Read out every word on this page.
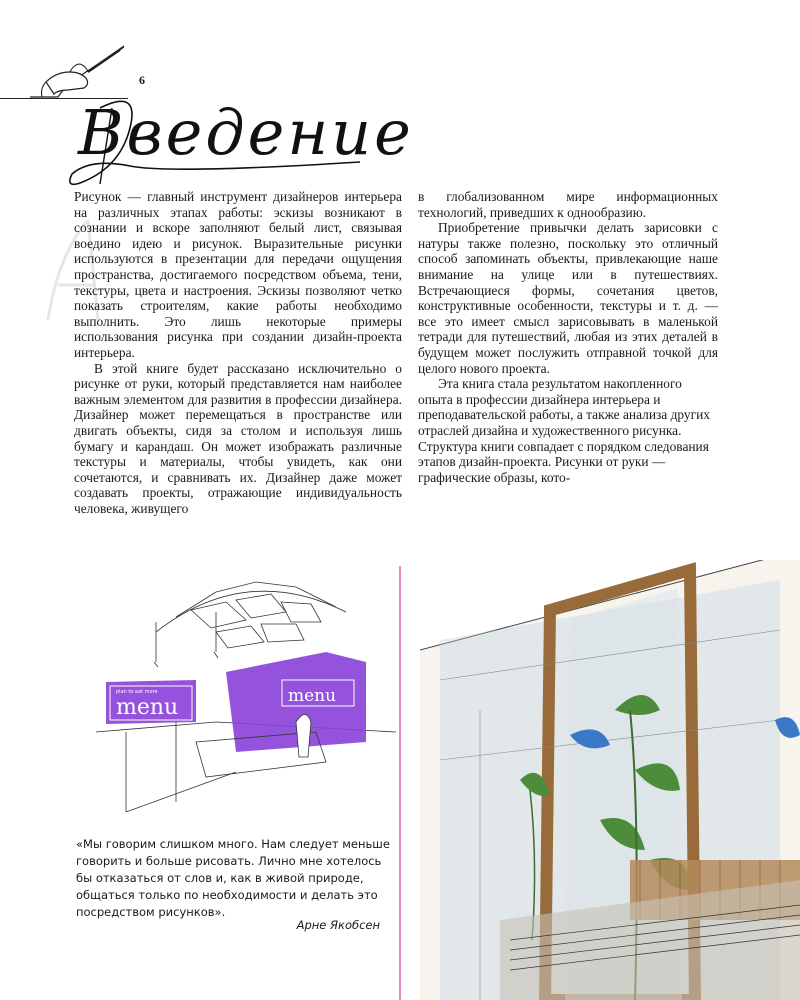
6
Введение

Рисунок — главный инструмент дизайнеров интерьера на различных этапах работы: эскизы возникают в сознании и вскоре заполняют белый лист, связывая воедино идею и рисунок. Выразительные рисунки используются в презентации для передачи ощущения пространства, достигаемого посредством объема, тени, текстуры, цвета и настроения. Эскизы позволяют четко показать строителям, какие работы необходимо выполнить. Это лишь некоторые примеры использования рисунка при создании дизайн-проекта интерьера.

В этой книге будет рассказано исключительно о рисунке от руки, который представляется нам наиболее важным элементом для развития в профессии дизайнера. Дизайнер может перемещаться в пространстве или двигать объекты, сидя за столом и используя лишь бумагу и карандаш. Он может изображать различные текстуры и материалы, чтобы увидеть, как они сочетаются, и сравнивать их. Дизайнер даже может создавать проекты, отражающие индивидуальность человека, живущего

в глобализованном мире информационных технологий, приведших к однообразию.

Приобретение привычки делать зарисовки с натуры также полезно, поскольку это отличный способ запоминать объекты, привлекающие наше внимание на улице или в путешествиях. Встречающиеся формы, сочетания цветов, конструктивные особенности, текстуры и т. д. — все это имеет смысл зарисовывать в маленькой тетради для путешествий, любая из этих деталей в будущем может послужить отправной точкой для целого нового проекта.

Эта книга стала результатом накопленного опыта в профессии дизайнера интерьера и преподавательской работы, а также анализа других отраслей дизайна и художественного рисунка. Структура книги совпадает с порядком следования этапов дизайн-проекта. Рисунки от руки — графические образы, кото-

menu	menu
plan to eat more
«Мы говорим слишком много. Нам следует меньше говорить и больше рисовать. Лично мне хотелось бы отказаться от слов и, как в живой природе, общаться только по необходимости и делать это посредством рисунков».
Арне Якобсен
